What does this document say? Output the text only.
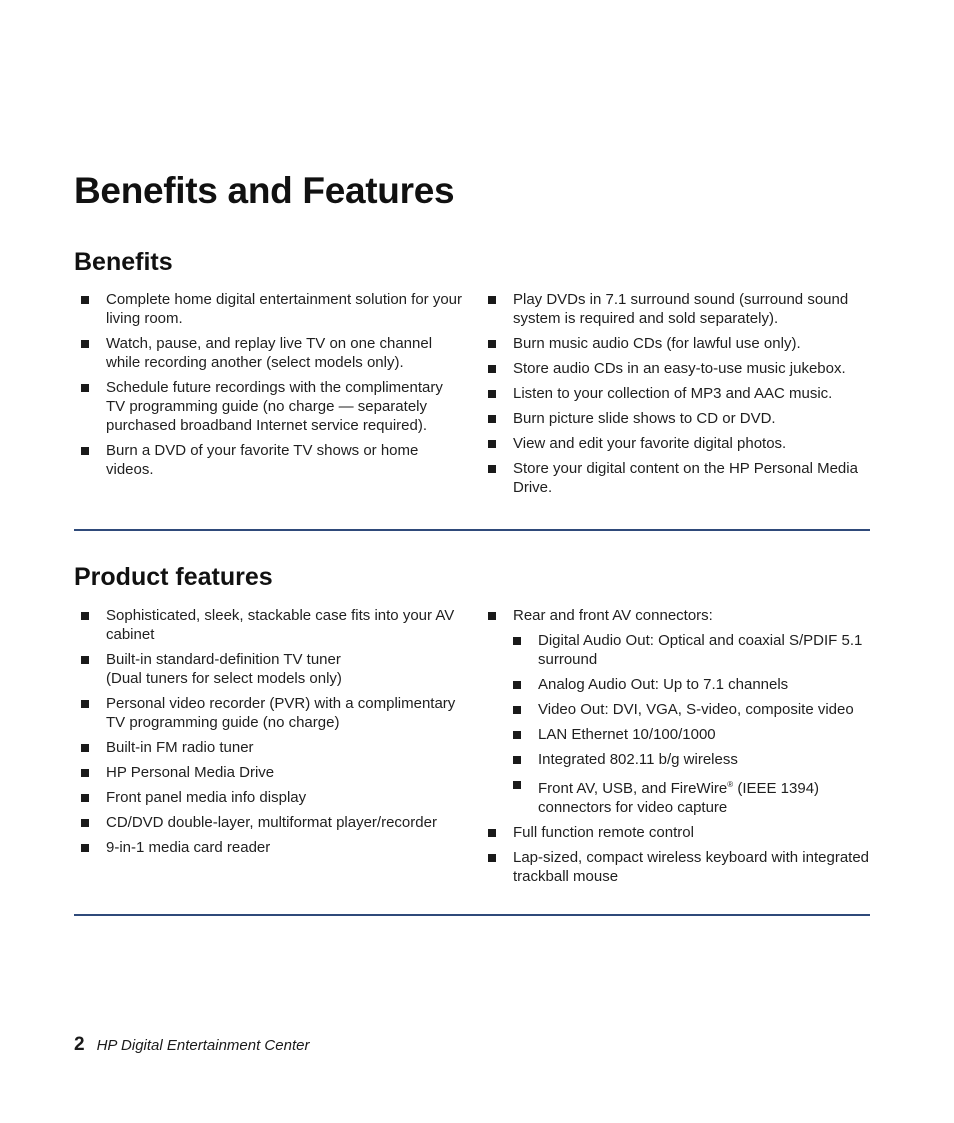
Benefits and Features
Benefits
Complete home digital entertainment solution for your living room.
Watch, pause, and replay live TV on one channel while recording another (select models only).
Schedule future recordings with the complimentary TV programming guide (no charge — separately purchased broadband Internet service required).
Burn a DVD of your favorite TV shows or home videos.
Play DVDs in 7.1 surround sound (surround sound system is required and sold separately).
Burn music audio CDs (for lawful use only).
Store audio CDs in an easy-to-use music jukebox.
Listen to your collection of MP3 and AAC music.
Burn picture slide shows to CD or DVD.
View and edit your favorite digital photos.
Store your digital content on the HP Personal Media Drive.
Product features
Sophisticated, sleek, stackable case fits into your AV cabinet
Built-in standard-definition TV tuner
(Dual tuners for select models only)
Personal video recorder (PVR) with a complimentary TV programming guide (no charge)
Built-in FM radio tuner
HP Personal Media Drive
Front panel media info display
CD/DVD double-layer, multiformat player/recorder
9-in-1 media card reader
Rear and front AV connectors:
Digital Audio Out: Optical and coaxial S/PDIF 5.1 surround
Analog Audio Out: Up to 7.1 channels
Video Out: DVI, VGA, S-video, composite video
LAN Ethernet 10/100/1000
Integrated 802.11 b/g wireless
Front AV, USB, and FireWire® (IEEE 1394) connectors for video capture
Full function remote control
Lap-sized, compact wireless keyboard with integrated trackball mouse
2 HP Digital Entertainment Center
